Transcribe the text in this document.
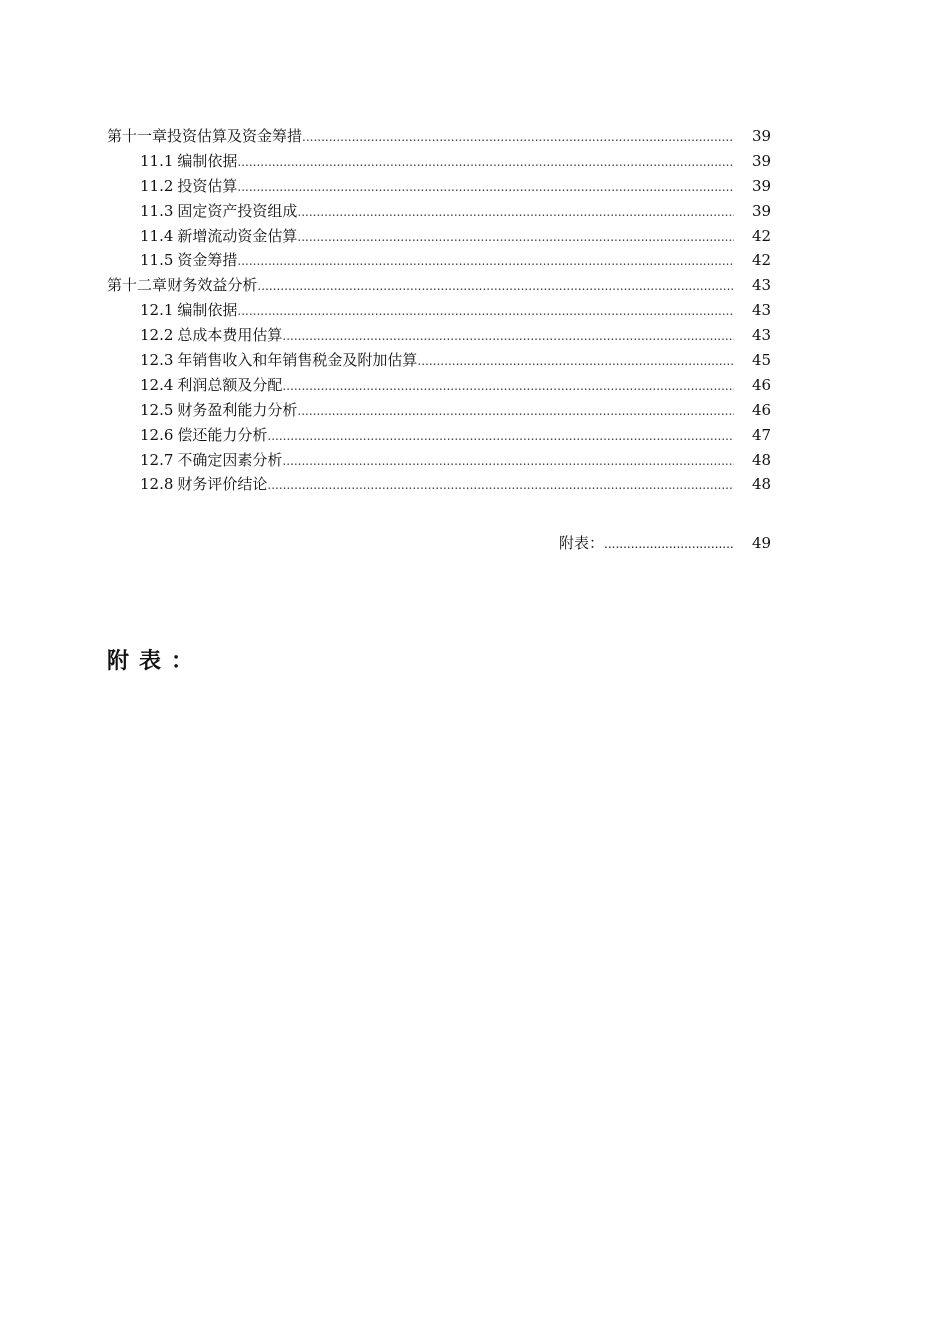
第十一章 投资估算及资金筹措 .....	39
11.1 编制依据 .....	39
11.2 投资估算 .....	39
11.3 固定资产投资组成 .....	39
11.4 新增流动资金估算 .....	42
11.5 资金筹措 .....	42
第十二章 财务效益分析 .....	43
12.1 编制依据 .....	43
12.2 总成本费用估算 .....	43
12.3 年销售收入和年销售税金及附加估算 .....	45
12.4 利润总额及分配 .....	46
12.5 财务盈利能力分析 .....	46
12.6 偿还能力分析 .....	47
12.7 不确定因素分析 .....	48
12.8 财务评价结论 .....	48
附表： .....	49
附表：
